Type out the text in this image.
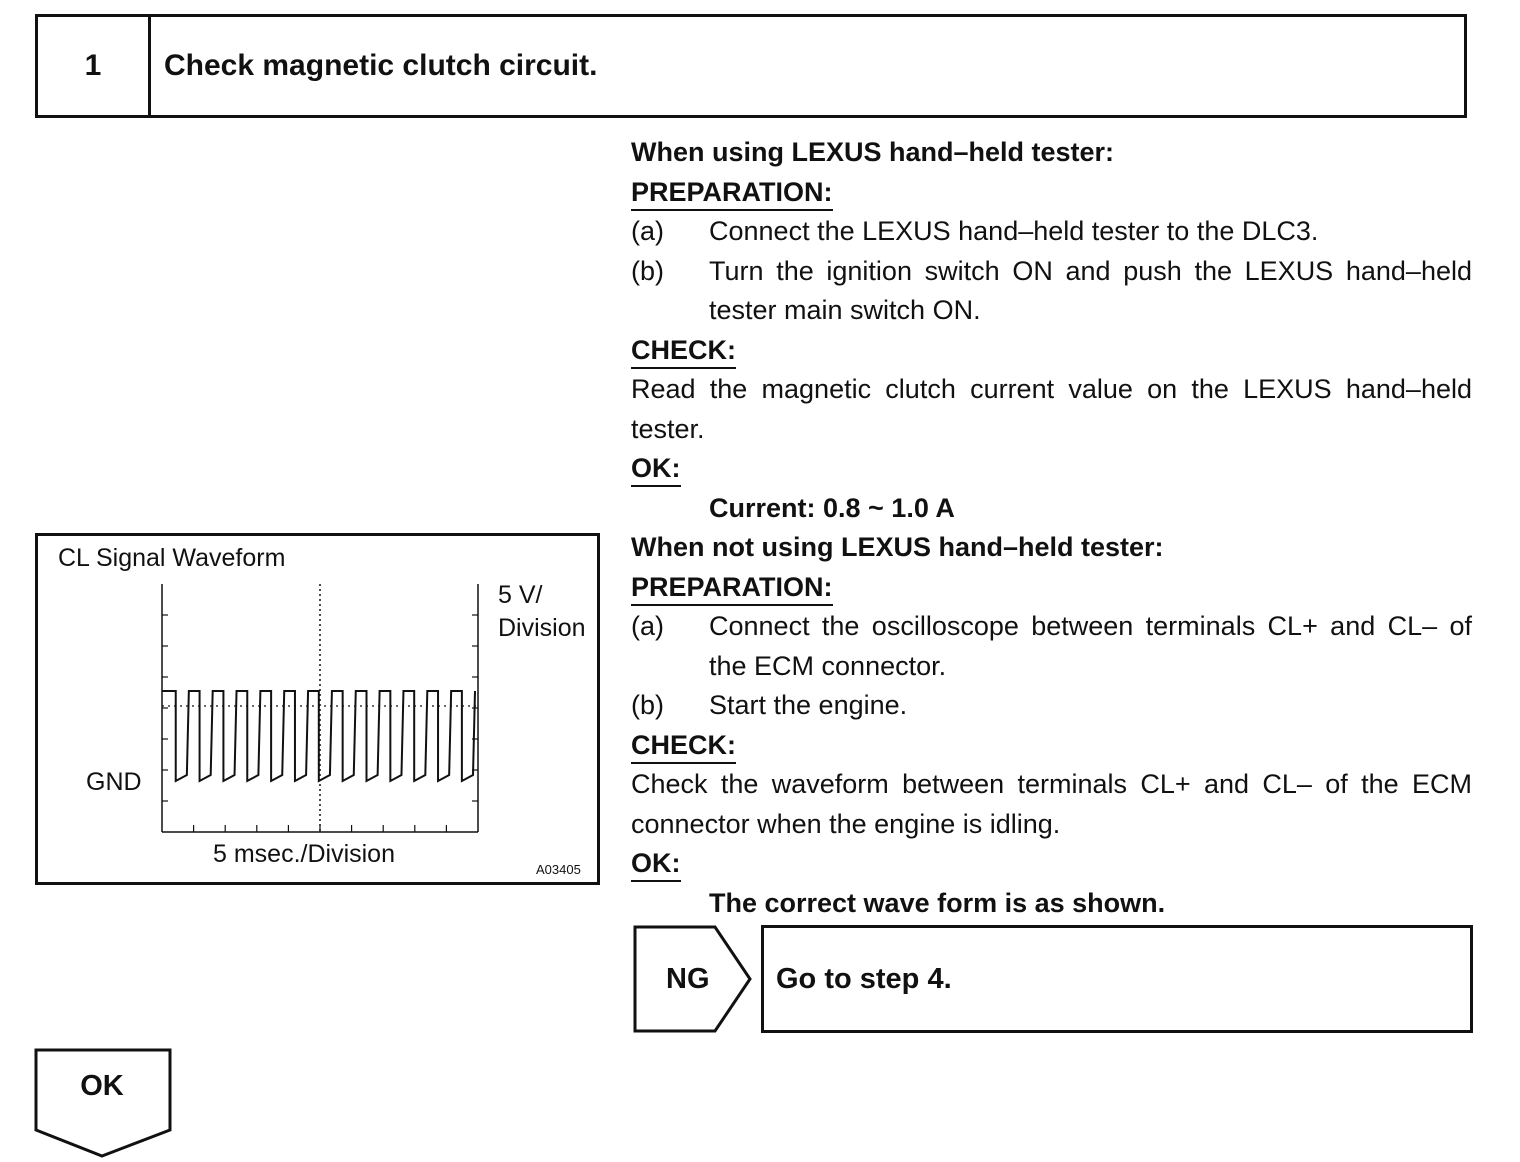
1	Check magnetic clutch circuit.

When using LEXUS hand–held tester:

PREPARATION:
(a)	Connect the LEXUS hand–held tester to the DLC3.
(b)	Turn the ignition switch ON and push the LEXUS hand–held tester main switch ON.
CHECK:

Read the magnetic clutch current value on the LEXUS hand–held tester.

OK:

Current: 0.8 ~ 1.0 A

When not using LEXUS hand–held tester:

PREPARATION:
(a)	Connect the oscilloscope between terminals CL+ and CL– of the ECM connector.
(b)	Start the engine.
CHECK:

Check the waveform between terminals CL+ and CL– of the ECM connector when the engine is idling.

OK:

The correct wave form is as shown.

CL Signal Waveform
5 V/
Division
GND
5 msec./Division
A03405
NG Go to step 4.
OK
